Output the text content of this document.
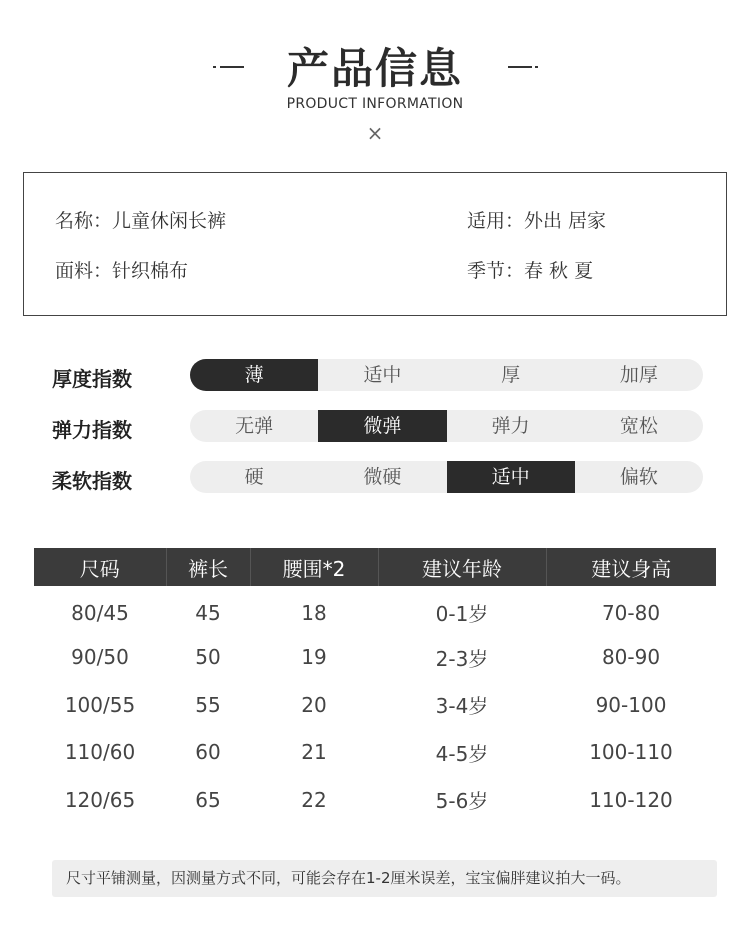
产品信息
PRODUCT INFORMATION
×
名称：儿童休闲长裤	适用：外出 居家
面料：针织棉布	季节：春 秋 夏
厚度指数	薄	适中	厚	加厚
弹力指数	无弹	微弹	弹力	宽松
柔软指数	硬	微硬	适中	偏软
尺码	裤长	腰围*2	建议年龄	建议身高
80/45	45	18	0-1岁	70-80
90/50	50	19	2-3岁	80-90
100/55	55	20	3-4岁	90-100
110/60	60	21	4-5岁	100-110
120/65	65	22	5-6岁	110-120
尺寸平铺测量，因测量方式不同，可能会存在1-2厘米误差，宝宝偏胖建议拍大一码。
